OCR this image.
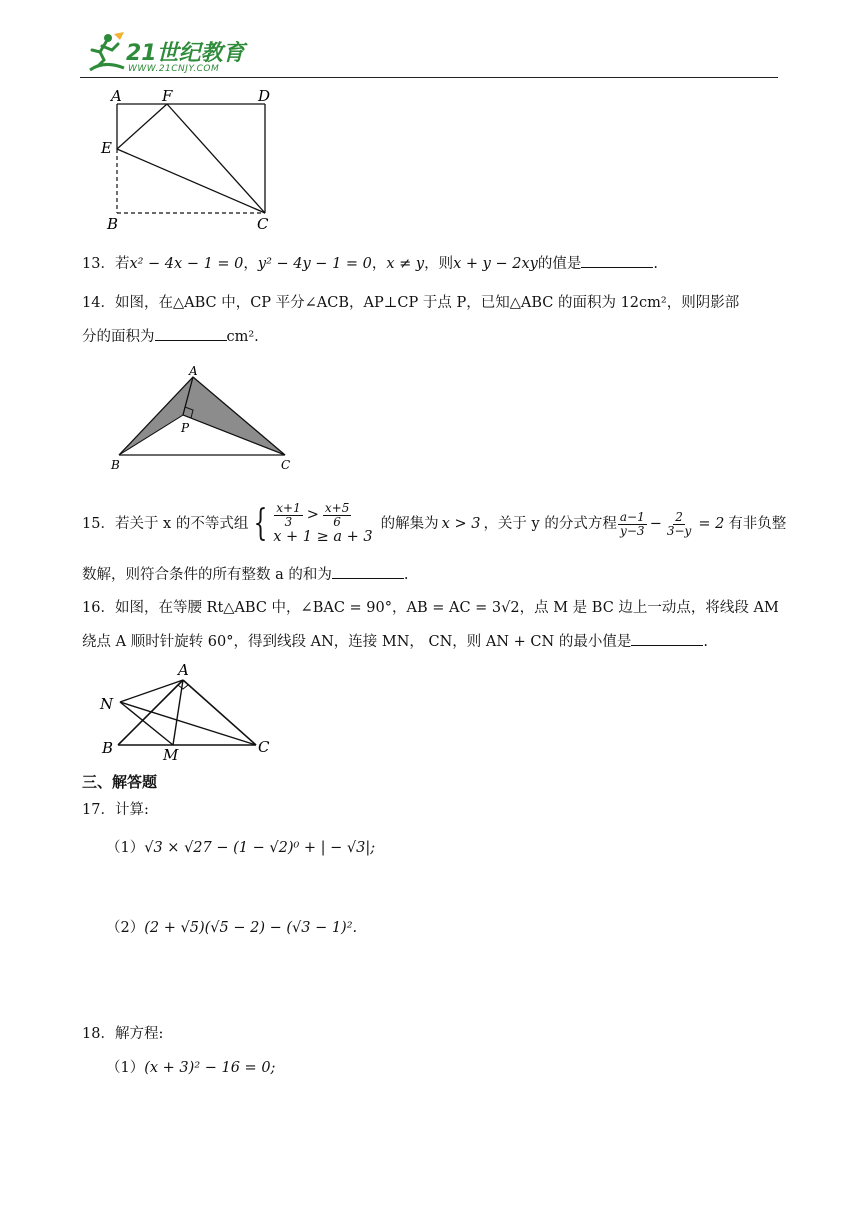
21世纪教育
WWW.21CNJY.COM
A	F	D
E
B	C
13．若x² − 4x − 1 = 0，y² − 4y − 1 = 0，x ≠ y，则x + y − 2xy的值是	.
14．如图，在△ABC 中，CP 平分∠ACB，AP⊥CP 于点 P，已知△ABC 的面积为 12cm²，则阴影部
分的面积为	cm².
A
P
B	C
15． 若关于 x 的不等式组 { $\frac{x+1}{3} > \frac{x+5}{6}$
x + 1 ≥ a + 3
的解集为 x > 3 ，关于 y 的分式方程 $\frac{a-1}{y-3} - \frac{2}{3-y} = 2$ 有非负整
数解，则符合条件的所有整数 a 的和为	.
16．如图，在等腰 Rt△ABC 中，∠BAC = 90°，AB = AC = 3√2，点 M 是 BC 边上一动点，将线段 AM
绕点 A 顺时针旋转 60°，得到线段 AN，连接 MN， CN，则 AN + CN 的最小值是	.
A
N
B	M	C
三、解答题
17．计算:
（1）√3 × √27 − (1 − √2)⁰ + | − √3|;
（2）(2 + √5)(√5 − 2) − (√3 − 1)².
18．解方程:
（1）(x + 3)² − 16 = 0;
